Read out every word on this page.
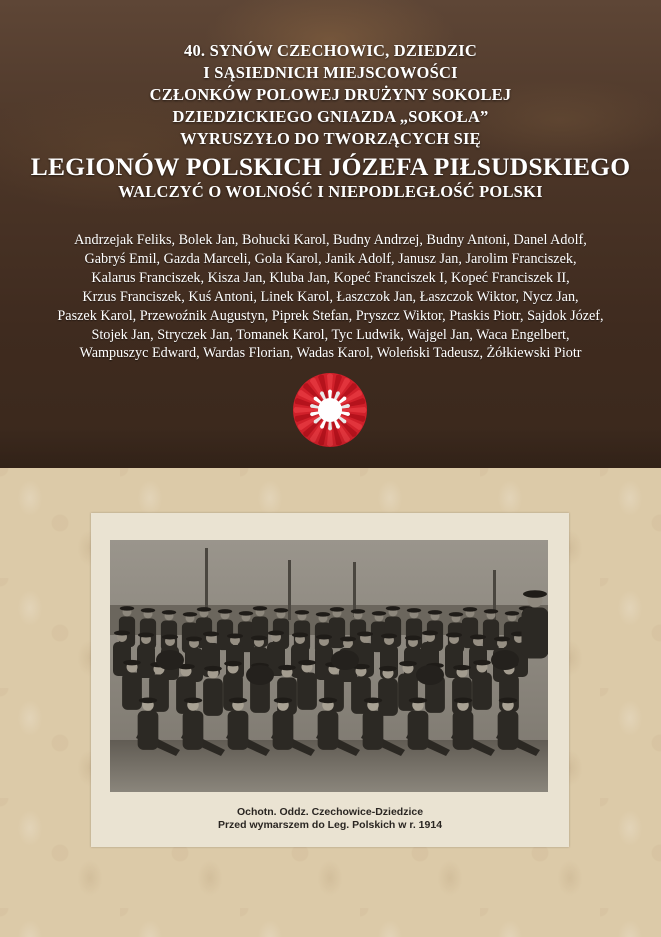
40. SYNÓW CZECHOWIC, DZIEDZIC
I SĄSIEDNICH MIEJSCOWOŚCI
CZŁONKÓW POLOWEJ DRUŻYNY SOKOLEJ
DZIEDZICKIEGO GNIAZDA „SOKOŁA”
WYRUSZYŁO DO TWORZĄCYCH SIĘ
LEGIONÓW POLSKICH JÓZEFA PIŁSUDSKIEGO
WALCZYĆ O WOLNOŚĆ I NIEPODLEGŁOŚĆ POLSKI
Andrzejak Feliks, Bolek Jan, Bohucki Karol, Budny Andrzej, Budny Antoni, Danel Adolf,
Gabryś Emil, Gazda Marceli, Gola Karol, Janik Adolf, Janusz Jan, Jarolim Franciszek,
Kalarus Franciszek, Kisza Jan, Kluba Jan, Kopeć Franciszek I, Kopeć Franciszek II,
Krzus Franciszek, Kuś Antoni, Linek Karol, Łaszczok Jan, Łaszczok Wiktor, Nycz Jan,
Paszek Karol, Przewoźnik Augustyn, Piprek Stefan, Pryszcz Wiktor, Ptaskis Piotr, Sajdok Józef,
Stojek Jan, Stryczek Jan, Tomanek Karol, Tyc Ludwik, Wajgel Jan, Waca Engelbert,
Wampuszyc Edward, Wardas Florian, Wadas Karol, Woleński Tadeusz, Żółkiewski Piotr
Ochotn. Oddz. Czechowice-Dziedzice
Przed wymarszem do Leg. Polskich w r. 1914
